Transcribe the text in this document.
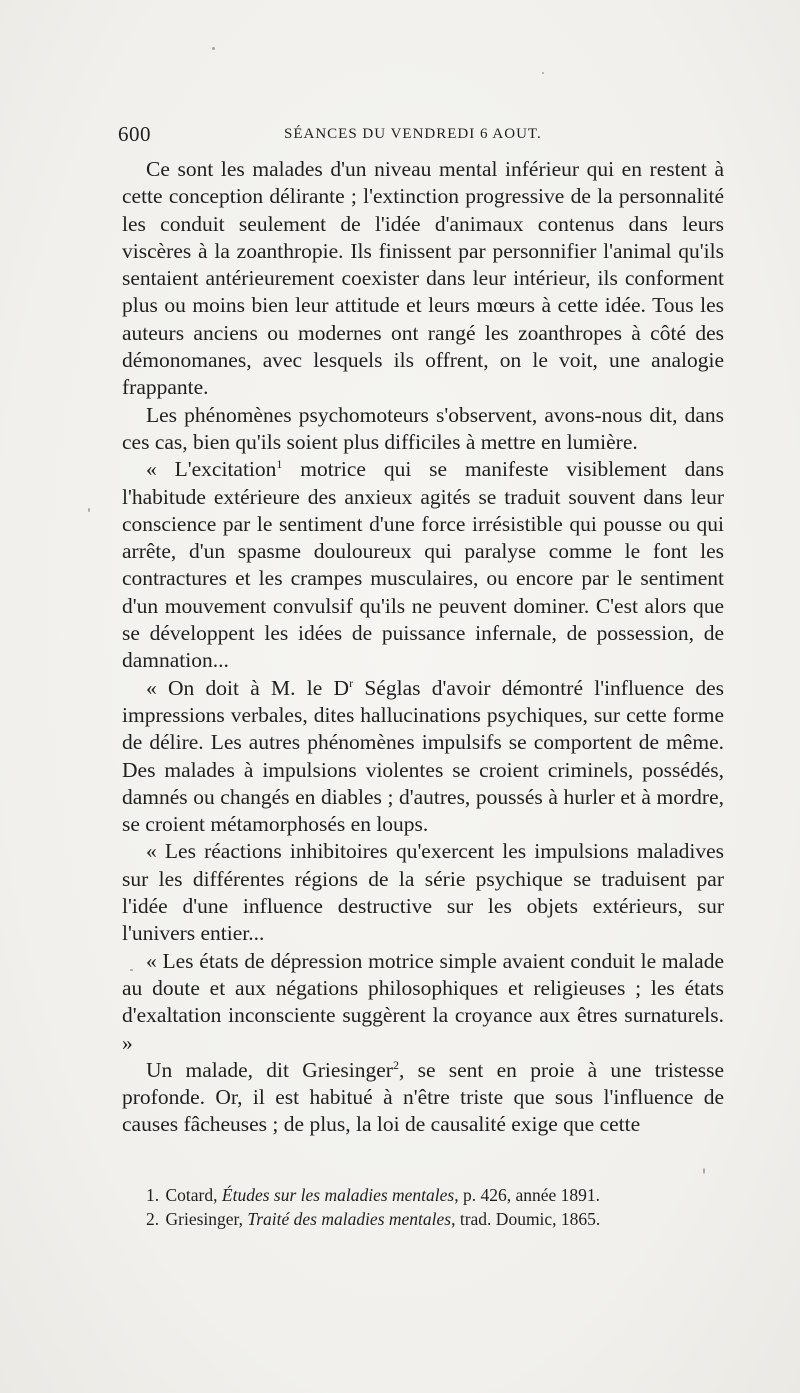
600	SÉANCES DU VENDREDI 6 AOUT.

Ce sont les malades d'un niveau mental inférieur qui en restent à cette conception délirante ; l'extinction progressive de la personnalité les conduit seulement de l'idée d'animaux contenus dans leurs viscères à la zoanthropie. Ils finissent par personnifier l'animal qu'ils sentaient antérieurement coexister dans leur intérieur, ils conforment plus ou moins bien leur attitude et leurs mœurs à cette idée. Tous les auteurs anciens ou modernes ont rangé les zoanthropes à côté des démonomanes, avec lesquels ils offrent, on le voit, une analogie frappante.

Les phénomènes psychomoteurs s'observent, avons-nous dit, dans ces cas, bien qu'ils soient plus difficiles à mettre en lumière.

« L'excitation$^1$ motrice qui se manifeste visiblement dans l'habitude extérieure des anxieux agités se traduit souvent dans leur conscience par le sentiment d'une force irrésistible qui pousse ou qui arrête, d'un spasme douloureux qui paralyse comme le font les contractures et les crampes musculaires, ou encore par le sentiment d'un mouvement convulsif qu'ils ne peuvent dominer. C'est alors que se développent les idées de puissance infernale, de possession, de damnation...

« On doit à M. le $D^r$ Séglas d'avoir démontré l'influence des impressions verbales, dites hallucinations psychiques, sur cette forme de délire. Les autres phénomènes impulsifs se comportent de même. Des malades à impulsions violentes se croient criminels, possédés, damnés ou changés en diables ; d'autres, poussés à hurler et à mordre, se croient métamorphosés en loups.

« Les réactions inhibitoires qu'exercent les impulsions maladives sur les différentes régions de la série psychique se traduisent par l'idée d'une influence destructive sur les objets extérieurs, sur l'univers entier...

« Les états de dépression motrice simple avaient conduit le malade au doute et aux négations philosophiques et religieuses ; les états d'exaltation inconsciente suggèrent la croyance aux êtres surnaturels. »

Un malade, dit Griesinger$^2$, se sent en proie à une tristesse profonde. Or, il est habitué à n'être triste que sous l'influence de causes fâcheuses ; de plus, la loi de causalité exige que cette

1. Cotard, Études sur les maladies mentales, p. 426, année 1891.

2. Griesinger, Traité des maladies mentales, trad. Doumic, 1865.
